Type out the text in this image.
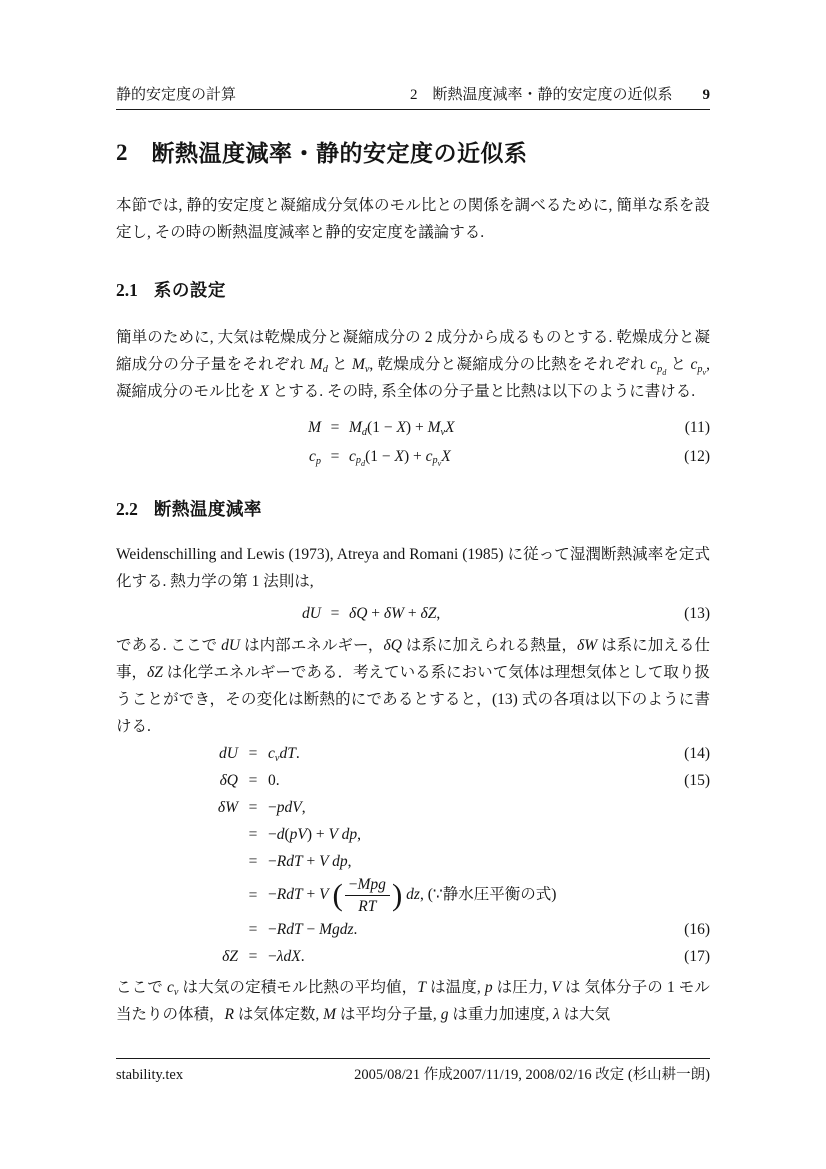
静的安定度の計算	2　断熱温度減率・静的安定度の近似系 9
2 断熱温度減率・静的安定度の近似系

本節では, 静的安定度と凝縮成分気体のモル比との関係を調べるために, 簡単な系を設定し, その時の断熱温度減率と静的安定度を議論する.

2.1 系の設定

簡単のために, 大気は乾燥成分と凝縮成分の 2 成分から成るものとする. 乾燥成分と凝縮成分の分子量をそれぞれ $M_d$ と $M_v$, 乾燥成分と凝縮成分の比熱をそれぞれ $c_{p_d}$ と $c_{p_v}$, 凝縮成分のモル比を X とする. その時, 系全体の分子量と比熱は以下のように書ける.

$M = M_d(1 - X) + M_vX$	(11)
$c_p = c_{p_d}(1 - X) + c_{p_v}X$	(12)
2.2 断熱温度減率

Weidenschilling and Lewis (1973), Atreya and Romani (1985) に従って湿潤断熱減率を定式化する. 熱力学の第 1 法則は,

dU = δQ + δW + δZ,	(13)

である. ここで dU は内部エネルギー，δQ は系に加えられる熱量，δW は系に加える仕事，δZ は化学エネルギーである．考えている系において気体は理想気体として取り扱うことができ，その変化は断熱的にであるとすると，(13) 式の各項は以下のように書ける.

dU = $c_vdT$.	(14)
δQ = 0.	(15)
δW = −pdV,
= −d(pV) + V dp,
= −RdT + V dp,
= −RdT + V ( $\frac{\text{−Mpg}}{RT}$ ) dz, (∵静水圧平衡の式)
= −RdT − Mgdz.	(16)
δZ = −λdX.	(17)

ここで $c_v$ は大気の定積モル比熱の平均値，T は温度, p は圧力, V は 気体分子の 1 モル当たりの体積，R は気体定数, M は平均分子量, g は重力加速度, λ は大気

stability.tex	2005/08/21 作成2007/11/19, 2008/02/16 改定 (杉山耕一朗)
